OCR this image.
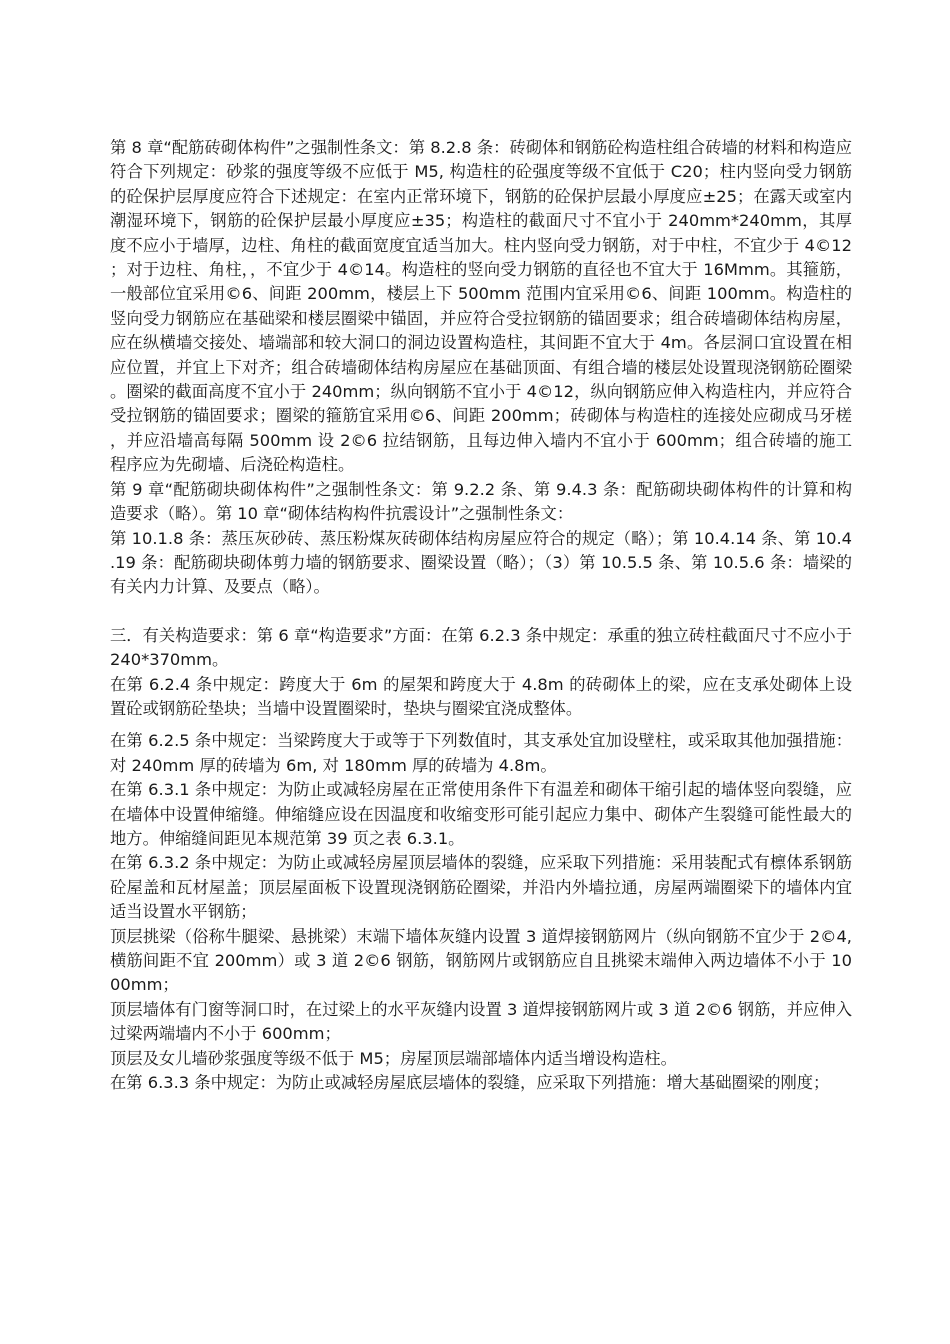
第 8 章“配筋砖砌体构件”之强制性条文：第 8.2.8 条：砖砌体和钢筋砼构造柱组合砖墙的材料和构造应符合下列规定：砂浆的强度等级不应低于 M5, 构造柱的砼强度等级不宜低于 C20；柱内竖向受力钢筋的砼保护层厚度应符合下述规定：在室内正常环境下，钢筋的砼保护层最小厚度应±25；在露天或室内潮湿环境下，钢筋的砼保护层最小厚度应±35；构造柱的截面尺寸不宜小于 240mm*240mm，其厚度不应小于墙厚，边柱、角柱的截面宽度宜适当加大。柱内竖向受力钢筋，对于中柱，不宜少于 4©12；对于边柱、角柱，，不宜少于 4©14。构造柱的竖向受力钢筋的直径也不宜大于 16Mmm。其箍筋，一般部位宜采用©6、间距 200mm，楼层上下 500mm 范围内宜采用©6、间距 100mm。构造柱的竖向受力钢筋应在基础梁和楼层圈梁中锚固，并应符合受拉钢筋的锚固要求；组合砖墙砌体结构房屋，应在纵横墙交接处、墙端部和较大洞口的洞边设置构造柱，其间距不宜大于 4m。各层洞口宜设置在相应位置，并宜上下对齐；组合砖墙砌体结构房屋应在基础顶面、有组合墙的楼层处设置现浇钢筋砼圈梁。圈梁的截面高度不宜小于 240mm；纵向钢筋不宜小于 4©12，纵向钢筋应伸入构造柱内，并应符合受拉钢筋的锚固要求；圈梁的箍筋宜采用©6、间距 200mm；砖砌体与构造柱的连接处应砌成马牙槎，并应沿墙高每隔 500mm 设 2©6 拉结钢筋，且每边伸入墙内不宜小于 600mm；组合砖墙的施工程序应为先砌墙、后浇砼构造柱。

第 9 章“配筋砌块砌体构件”之强制性条文：第 9.2.2 条、第 9.4.3 条：配筋砌块砌体构件的计算和构造要求（略）。第 10 章“砌体结构构件抗震设计”之强制性条文：

第 10.1.8 条：蒸压灰砂砖、蒸压粉煤灰砖砌体结构房屋应符合的规定（略）；第 10.4.14 条、第 10.4.19 条：配筋砌块砌体剪力墙的钢筋要求、圈梁设置（略）；（3）第 10.5.5 条、第 10.5.6 条：墙梁的有关内力计算、及要点（略）。

三．有关构造要求：第 6 章“构造要求”方面：在第 6.2.3 条中规定：承重的独立砖柱截面尺寸不应小于 240*370mm。

在第 6.2.4 条中规定：跨度大于 6m 的屋架和跨度大于 4.8m 的砖砌体上的梁，应在支承处砌体上设置砼或钢筋砼垫块；当墙中设置圈梁时，垫块与圈梁宜浇成整体。

在第 6.2.5 条中规定：当梁跨度大于或等于下列数值时，其支承处宜加设壁柱，或采取其他加强措施：对 240mm 厚的砖墙为 6m, 对 180mm 厚的砖墙为 4.8m。

在第 6.3.1 条中规定：为防止或减轻房屋在正常使用条件下有温差和砌体干缩引起的墙体竖向裂缝，应在墙体中设置伸缩缝。伸缩缝应设在因温度和收缩变形可能引起应力集中、砌体产生裂缝可能性最大的地方。伸缩缝间距见本规范第 39 页之表 6.3.1。

在第 6.3.2 条中规定：为防止或减轻房屋顶层墙体的裂缝，应采取下列措施：采用装配式有檩体系钢筋砼屋盖和瓦材屋盖；顶层屋面板下设置现浇钢筋砼圈梁，并沿内外墙拉通，房屋两端圈梁下的墙体内宜适当设置水平钢筋；

顶层挑梁（俗称牛腿梁、悬挑梁）末端下墙体灰缝内设置 3 道焊接钢筋网片（纵向钢筋不宜少于 2©4, 横筋间距不宜 200mm）或 3 道 2©6 钢筋，钢筋网片或钢筋应自且挑梁末端伸入两边墙体不小于 1000mm；

顶层墙体有门窗等洞口时，在过梁上的水平灰缝内设置 3 道焊接钢筋网片或 3 道 2©6 钢筋，并应伸入过梁两端墙内不小于 600mm；

顶层及女儿墙砂浆强度等级不低于 M5；房屋顶层端部墙体内适当增设构造柱。

在第 6.3.3 条中规定：为防止或减轻房屋底层墙体的裂缝，应采取下列措施：增大基础圈梁的刚度；
